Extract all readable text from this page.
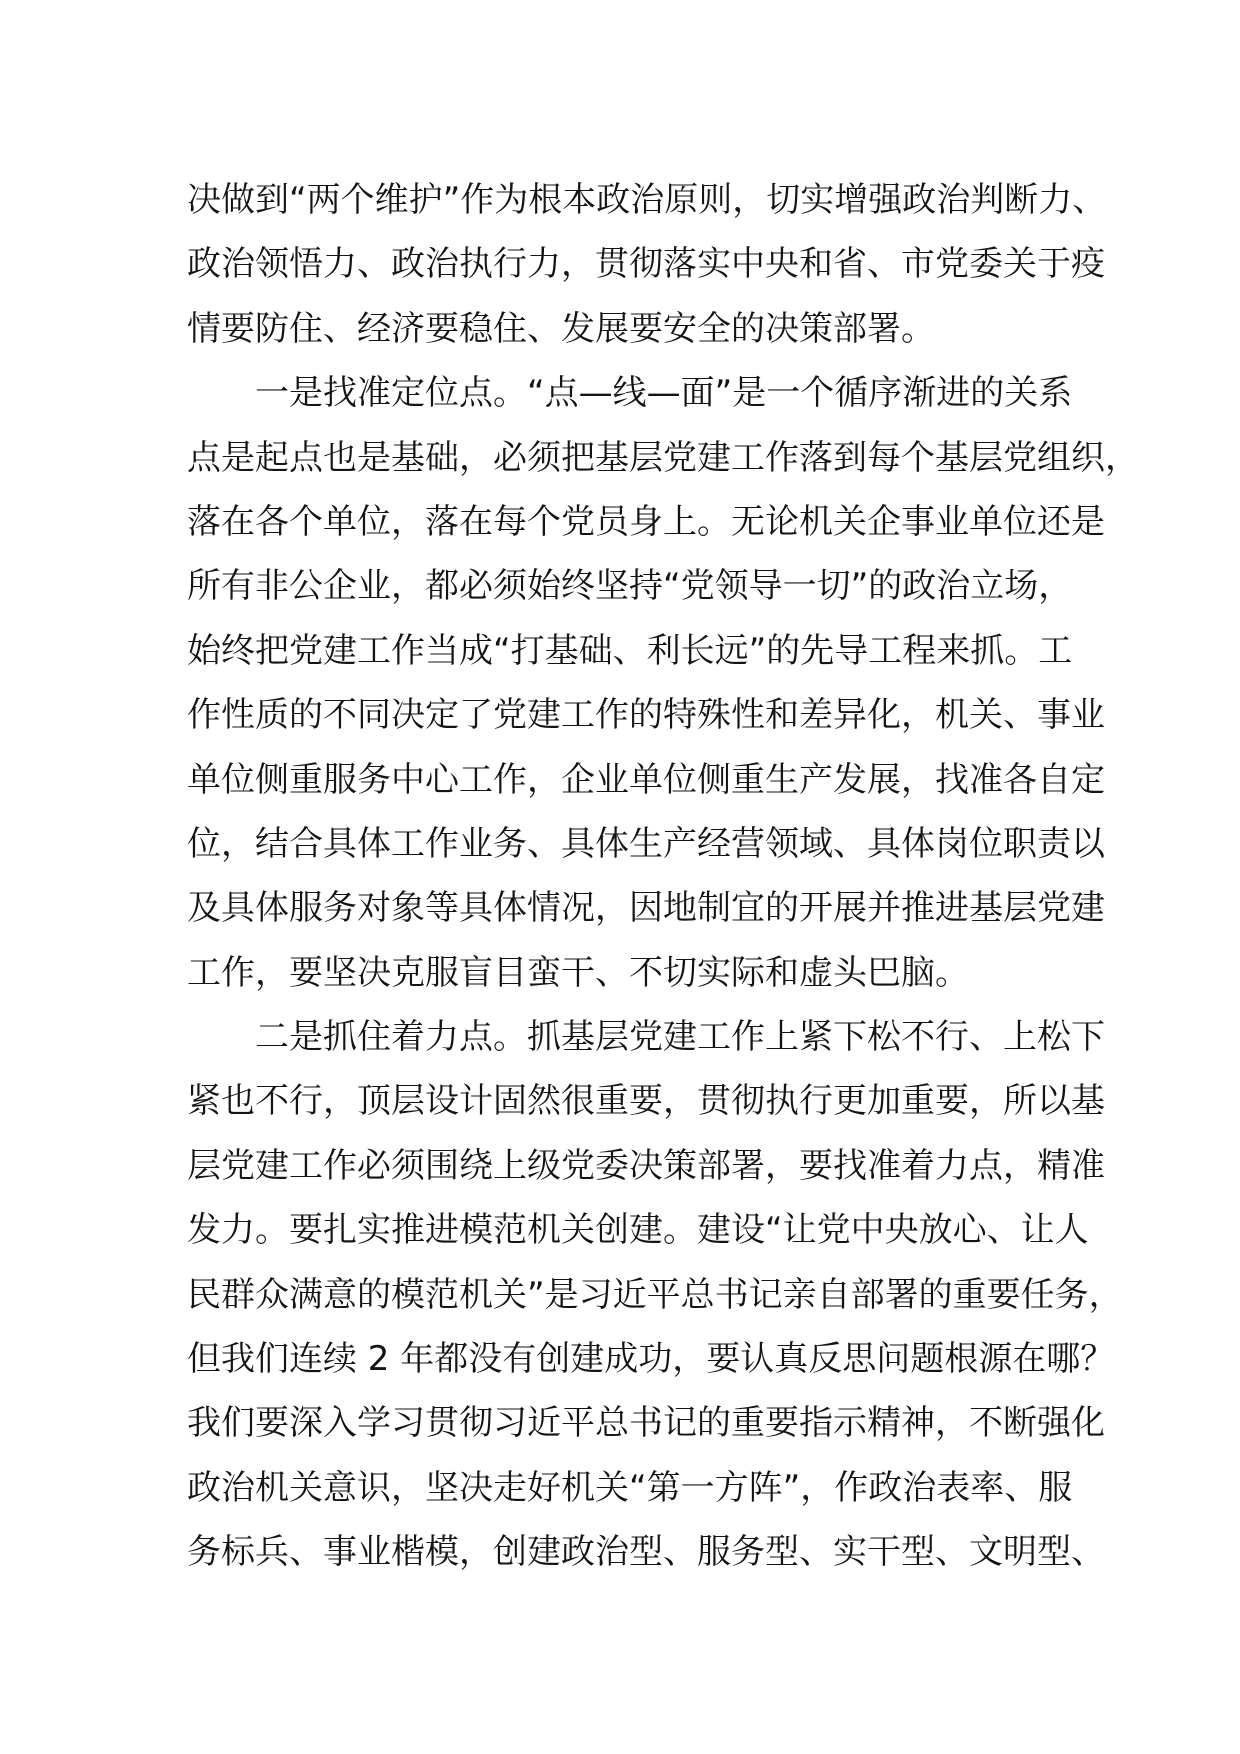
决做到“两个维护”作为根本政治原则，切实增强政治判断力、
政治领悟力、政治执行力，贯彻落实中央和省、市党委关于疫
情要防住、经济要稳住、发展要安全的决策部署。
　　一是找准定位点。“点—线—面”是一个循序渐进的关系
点是起点也是基础，必须把基层党建工作落到每个基层党组织，
落在各个单位，落在每个党员身上。无论机关企事业单位还是
所有非公企业，都必须始终坚持“党领导一切”的政治立场，
始终把党建工作当成“打基础、利长远”的先导工程来抓。工
作性质的不同决定了党建工作的特殊性和差异化，机关、事业
单位侧重服务中心工作，企业单位侧重生产发展，找准各自定
位，结合具体工作业务、具体生产经营领域、具体岗位职责以
及具体服务对象等具体情况，因地制宜的开展并推进基层党建
工作，要坚决克服盲目蛮干、不切实际和虚头巴脑。
　　二是抓住着力点。抓基层党建工作上紧下松不行、上松下
紧也不行，顶层设计固然很重要，贯彻执行更加重要，所以基
层党建工作必须围绕上级党委决策部署，要找准着力点，精准
发力。要扎实推进模范机关创建。建设“让党中央放心、让人
民群众满意的模范机关”是习近平总书记亲自部署的重要任务，
但我们连续 2 年都没有创建成功，要认真反思问题根源在哪？
我们要深入学习贯彻习近平总书记的重要指示精神，不断强化
政治机关意识，坚决走好机关“第一方阵”，作政治表率、服
务标兵、事业楷模，创建政治型、服务型、实干型、文明型、
